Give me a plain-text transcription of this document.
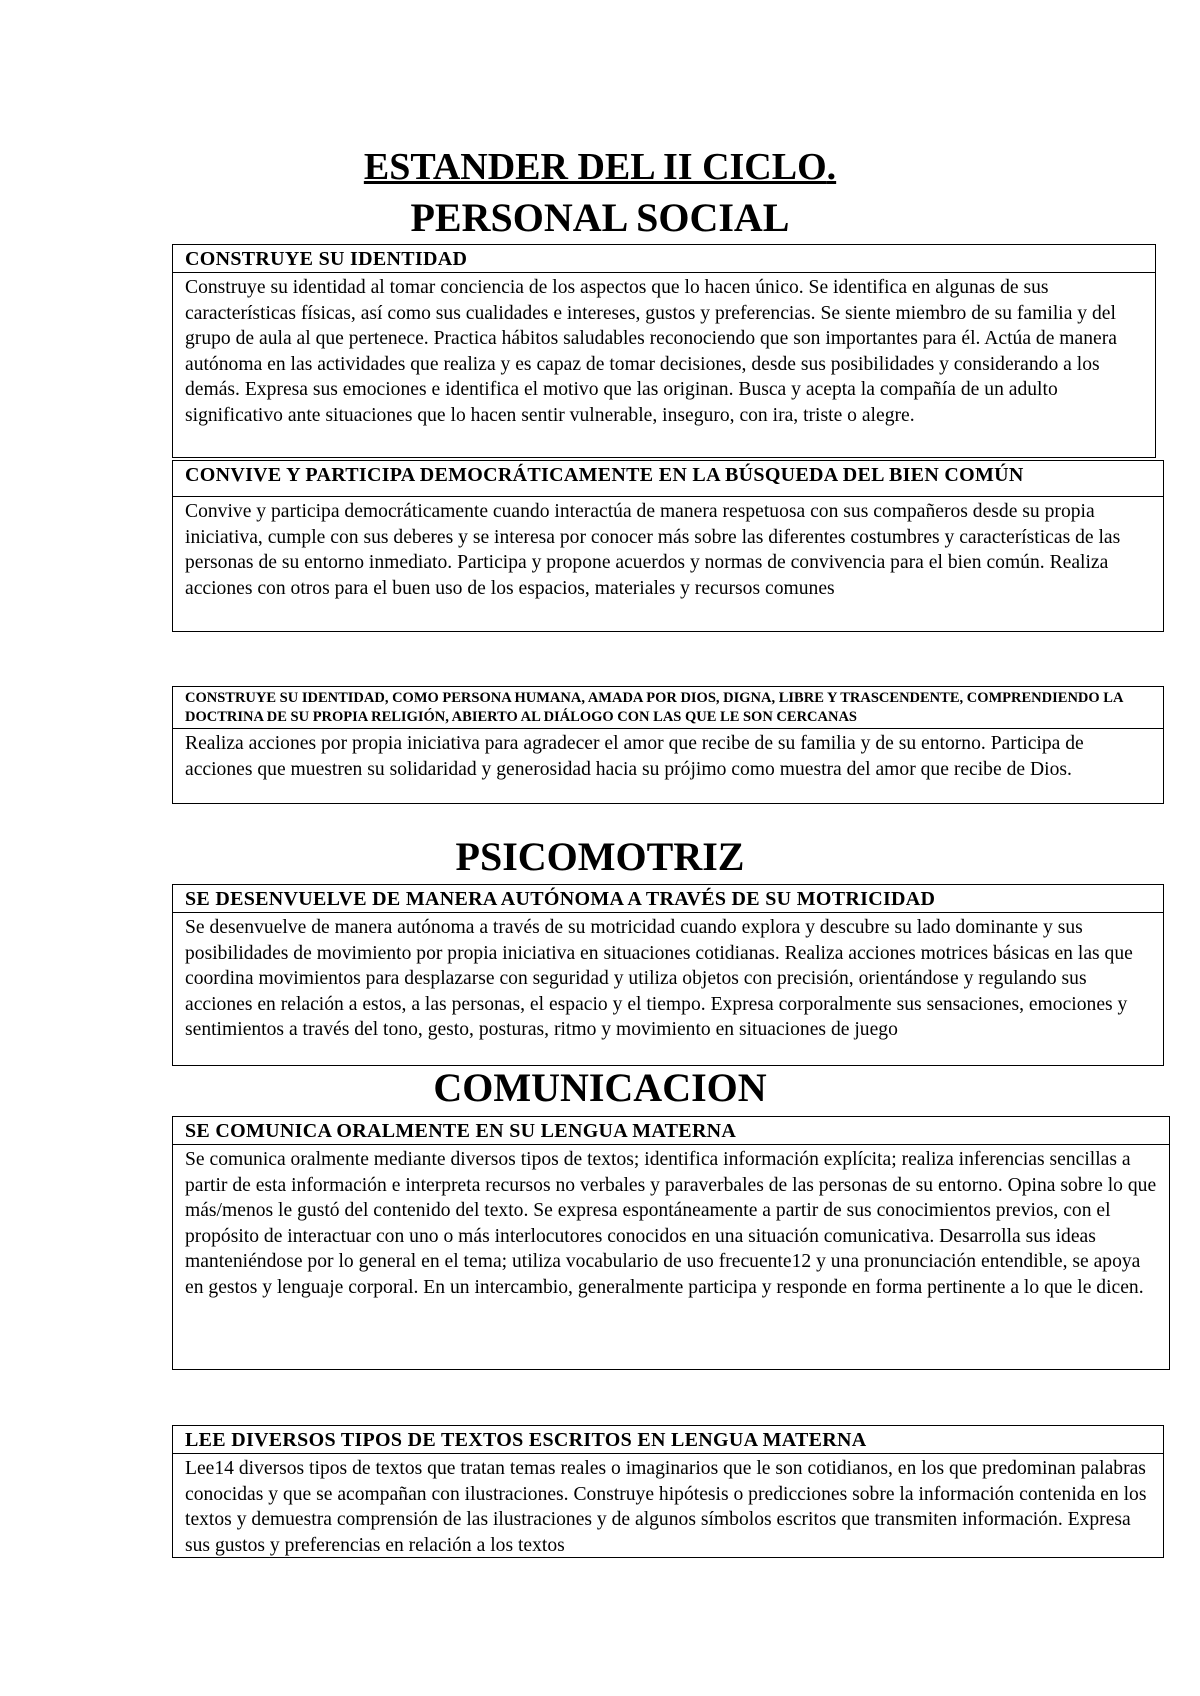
ESTANDER DEL II CICLO.
PERSONAL SOCIAL
CONSTRUYE SU IDENTIDAD
Construye su identidad al tomar conciencia de los aspectos que lo hacen único. Se identifica en algunas de sus características físicas, así como sus cualidades e intereses, gustos y preferencias. Se siente miembro de su familia y del grupo de aula al que pertenece. Practica hábitos saludables reconociendo que son importantes para él. Actúa de manera autónoma en las actividades que realiza y es capaz de tomar decisiones, desde sus posibilidades y considerando a los demás. Expresa sus emociones e identifica el motivo que las originan. Busca y acepta la compañía de un adulto significativo ante situaciones que lo hacen sentir vulnerable, inseguro, con ira, triste o alegre.
CONVIVE Y PARTICIPA DEMOCRÁTICAMENTE EN LA BÚSQUEDA DEL BIEN COMÚN
Convive y participa democráticamente cuando interactúa de manera respetuosa con sus compañeros desde su propia iniciativa, cumple con sus deberes y se interesa por conocer más sobre las diferentes costumbres y características de las personas de su entorno inmediato. Participa y propone acuerdos y normas de convivencia para el bien común. Realiza acciones con otros para el buen uso de los espacios, materiales y recursos comunes
CONSTRUYE SU IDENTIDAD, COMO PERSONA HUMANA, AMADA POR DIOS, DIGNA, LIBRE Y TRASCENDENTE, COMPRENDIENDO LA DOCTRINA DE SU PROPIA RELIGIÓN, ABIERTO AL DIÁLOGO CON LAS QUE LE SON CERCANAS
Realiza acciones por propia iniciativa para agradecer el amor que recibe de su familia y de su entorno. Participa de acciones que muestren su solidaridad y generosidad hacia su prójimo como muestra del amor que recibe de Dios.
PSICOMOTRIZ
SE DESENVUELVE DE MANERA AUTÓNOMA A TRAVÉS DE SU MOTRICIDAD
Se desenvuelve de manera autónoma a través de su motricidad cuando explora y descubre su lado dominante y sus posibilidades de movimiento por propia iniciativa en situaciones cotidianas. Realiza acciones motrices básicas en las que coordina movimientos para desplazarse con seguridad y utiliza objetos con precisión, orientándose y regulando sus acciones en relación a estos, a las personas, el espacio y el tiempo. Expresa corporalmente sus sensaciones, emociones y sentimientos a través del tono, gesto, posturas, ritmo y movimiento en situaciones de juego
COMUNICACION
SE COMUNICA ORALMENTE EN SU LENGUA MATERNA
Se comunica oralmente mediante diversos tipos de textos; identifica información explícita; realiza inferencias sencillas a partir de esta información e interpreta recursos no verbales y paraverbales de las personas de su entorno. Opina sobre lo que más/menos le gustó del contenido del texto. Se expresa espontáneamente a partir de sus conocimientos previos, con el propósito de interactuar con uno o más interlocutores conocidos en una situación comunicativa. Desarrolla sus ideas manteniéndose por lo general en el tema; utiliza vocabulario de uso frecuente12 y una pronunciación entendible, se apoya en gestos y lenguaje corporal. En un intercambio, generalmente participa y responde en forma pertinente a lo que le dicen.
LEE DIVERSOS TIPOS DE TEXTOS ESCRITOS EN LENGUA MATERNA
Lee14 diversos tipos de textos que tratan temas reales o imaginarios que le son cotidianos, en los que predominan palabras conocidas y que se acompañan con ilustraciones. Construye hipótesis o predicciones sobre la información contenida en los textos y demuestra comprensión de las ilustraciones y de algunos símbolos escritos que transmiten información. Expresa sus gustos y preferencias en relación a los textos
